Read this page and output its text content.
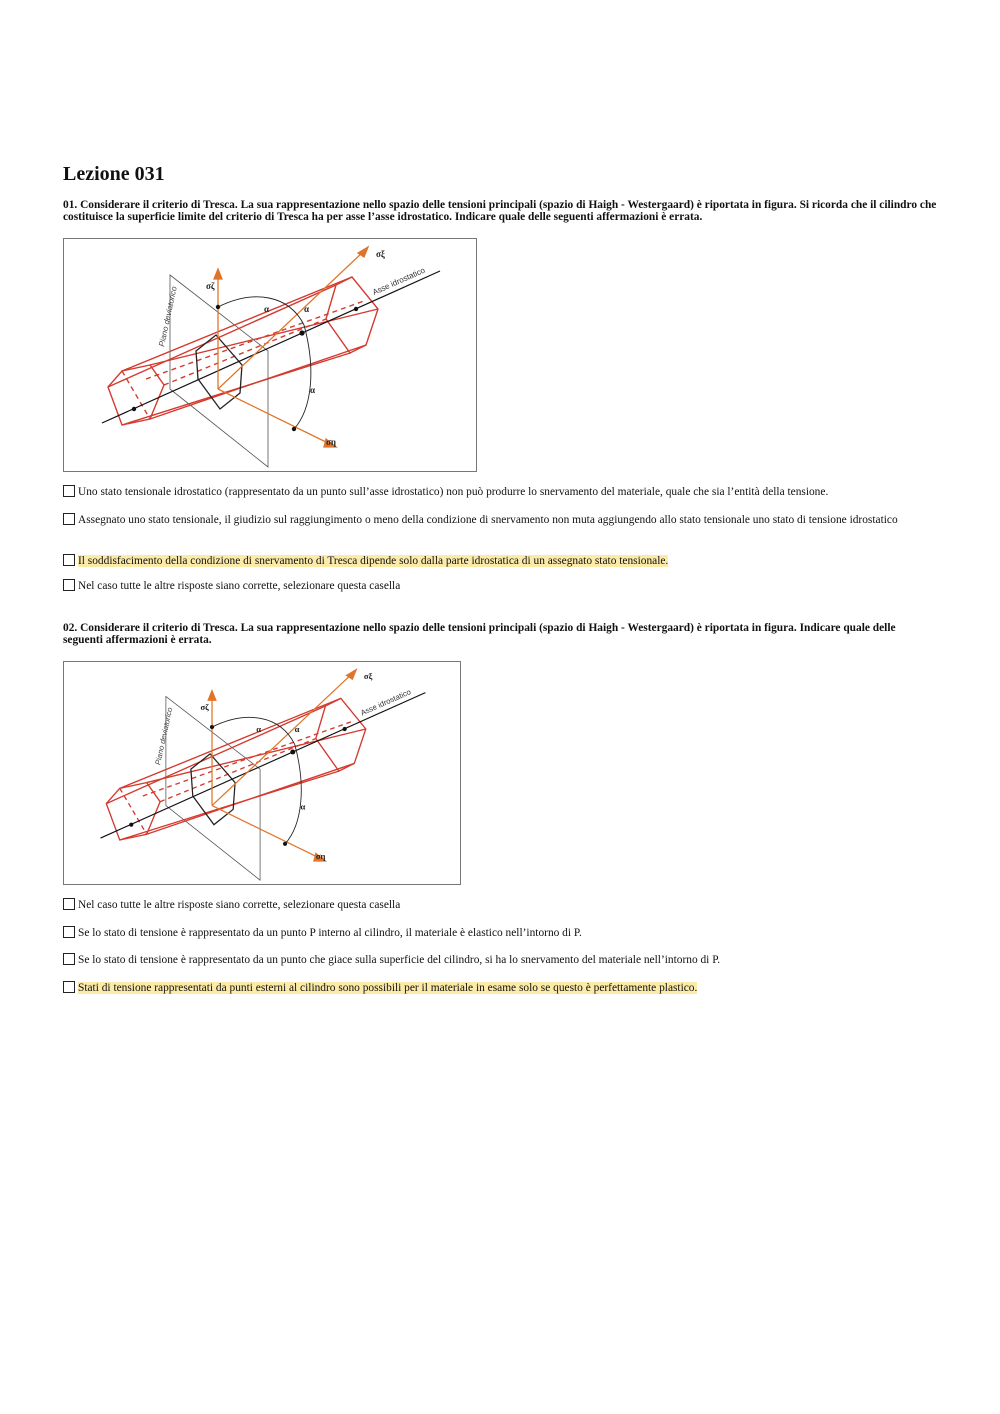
Lezione 031

01. Considerare il criterio di Tresca. La sua rappresentazione nello spazio delle tensioni principali (spazio di Haigh - Westergaard) è riportata in figura. Si ricorda che il cilindro che costituisce la superficie limite del criterio di Tresca ha per asse l’asse idrostatico. Indicare quale delle seguenti affermazioni è errata.

Piano deviatorico
Asse idrostatico
σζ
σξ
ση
α	α
α
Uno stato tensionale idrostatico (rappresentato da un punto sull’asse idrostatico) non può produrre lo snervamento del materiale, quale che sia l’entità della tensione.
Assegnato uno stato tensionale, il giudizio sul raggiungimento o meno della condizione di snervamento non muta aggiungendo allo stato tensionale uno stato di tensione idrostatico
Il soddisfacimento della condizione di snervamento di Tresca dipende solo dalla parte idrostatica di un assegnato stato tensionale.
Nel caso tutte le altre risposte siano corrette, selezionare questa casella

02. Considerare il criterio di Tresca. La sua rappresentazione nello spazio delle tensioni principali (spazio di Haigh - Westergaard) è riportata in figura. Indicare quale delle seguenti affermazioni è errata.

Piano deviatorico
Asse idrostatico
σζ
σξ
ση
α	α
α
Nel caso tutte le altre risposte siano corrette, selezionare questa casella
Se lo stato di tensione è rappresentato da un punto P interno al cilindro, il materiale è elastico nell’intorno di P.
Se lo stato di tensione è rappresentato da un punto che giace sulla superficie del cilindro, si ha lo snervamento del materiale nell’intorno di P.
Stati di tensione rappresentati da punti esterni al cilindro sono possibili per il materiale in esame solo se questo è perfettamente plastico.
